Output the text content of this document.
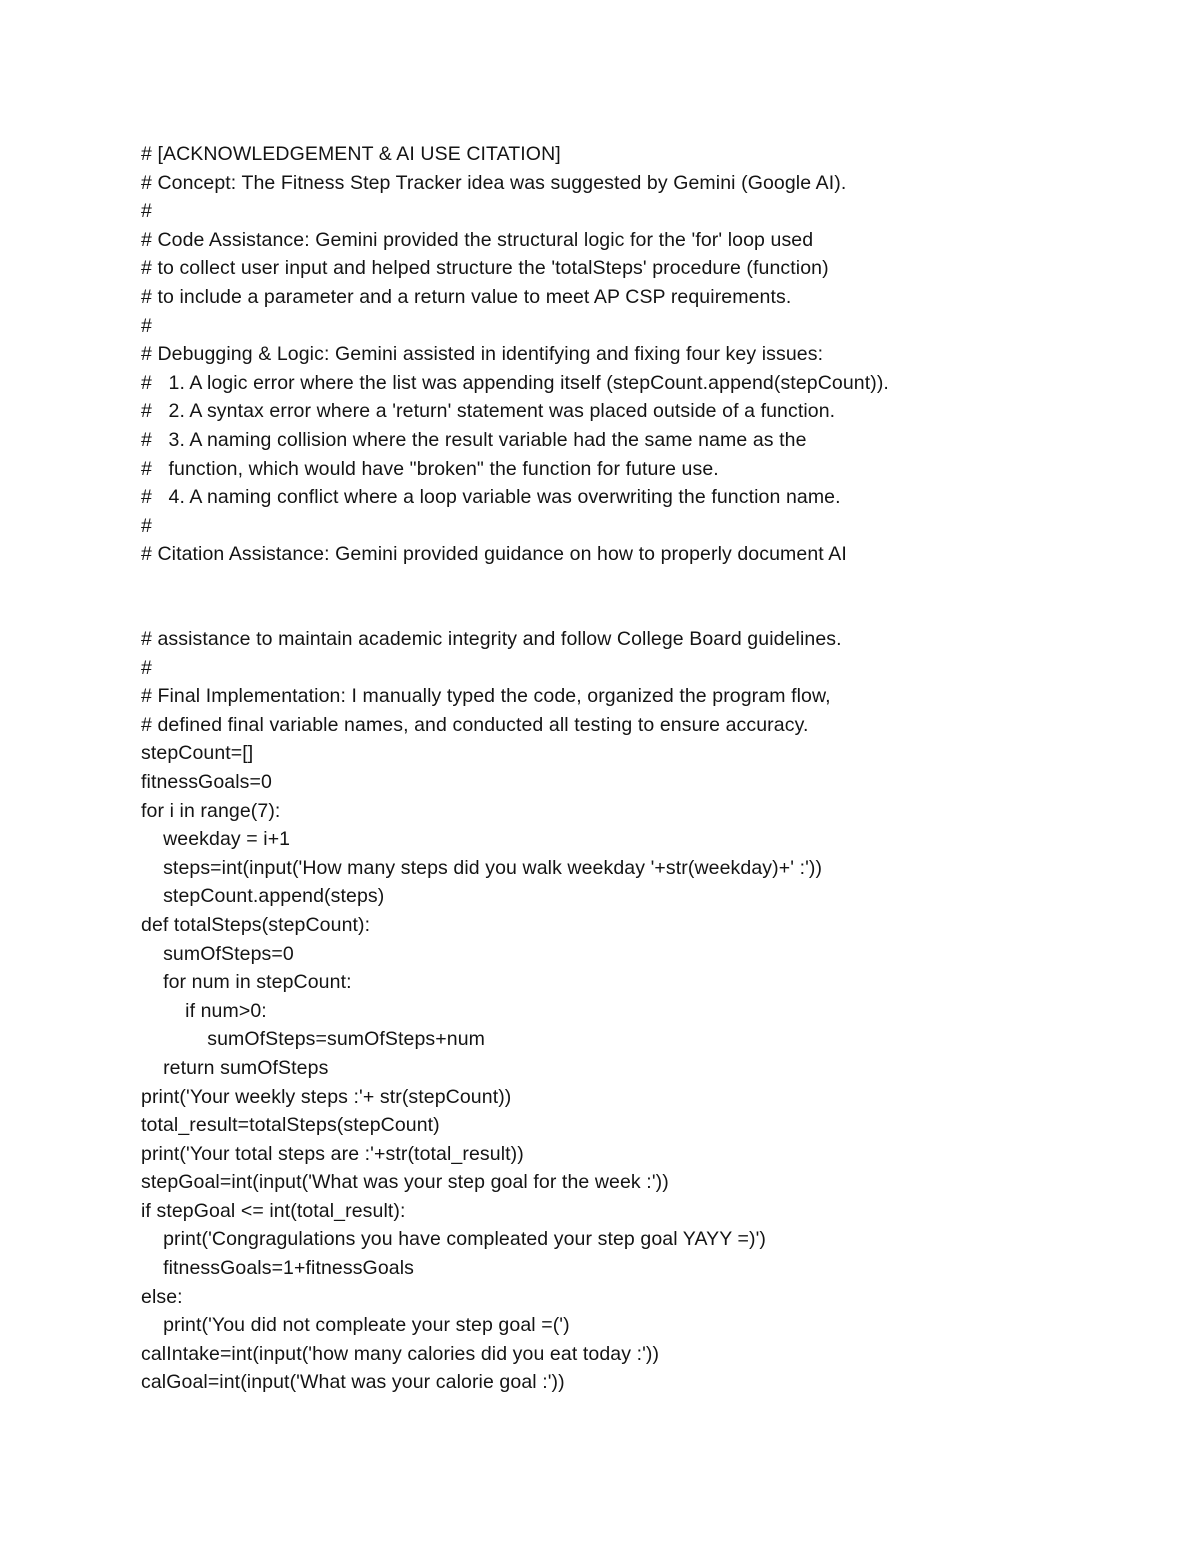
# [ACKNOWLEDGEMENT & AI USE CITATION]
# Concept: The Fitness Step Tracker idea was suggested by Gemini (Google AI).
#
# Code Assistance: Gemini provided the structural logic for the 'for' loop used
# to collect user input and helped structure the 'totalSteps' procedure (function)
# to include a parameter and a return value to meet AP CSP requirements.
#
# Debugging & Logic: Gemini assisted in identifying and fixing four key issues:
#   1. A logic error where the list was appending itself (stepCount.append(stepCount)).
#   2. A syntax error where a 'return' statement was placed outside of a function.
#   3. A naming collision where the result variable had the same name as the
#   function, which would have "broken" the function for future use.
#   4. A naming conflict where a loop variable was overwriting the function name.
#
# Citation Assistance: Gemini provided guidance on how to properly document AI
# assistance to maintain academic integrity and follow College Board guidelines.
#
# Final Implementation: I manually typed the code, organized the program flow,
# defined final variable names, and conducted all testing to ensure accuracy.
stepCount=[]
fitnessGoals=0
for i in range(7):
weekday = i+1
steps=int(input('How many steps did you walk weekday '+str(weekday)+' :'))
stepCount.append(steps)
def totalSteps(stepCount):
sumOfSteps=0
for num in stepCount:
if num>0:
sumOfSteps=sumOfSteps+num
return sumOfSteps
print('Your weekly steps :'+ str(stepCount))
total_result=totalSteps(stepCount)
print('Your total steps are :'+str(total_result))
stepGoal=int(input('What was your step goal for the week :'))
if stepGoal <= int(total_result):
print('Congragulations you have compleated your step goal YAYY =)')
fitnessGoals=1+fitnessGoals
else:
print('You did not compleate your step goal =(')
calIntake=int(input('how many calories did you eat today :'))
calGoal=int(input('What was your calorie goal :'))
